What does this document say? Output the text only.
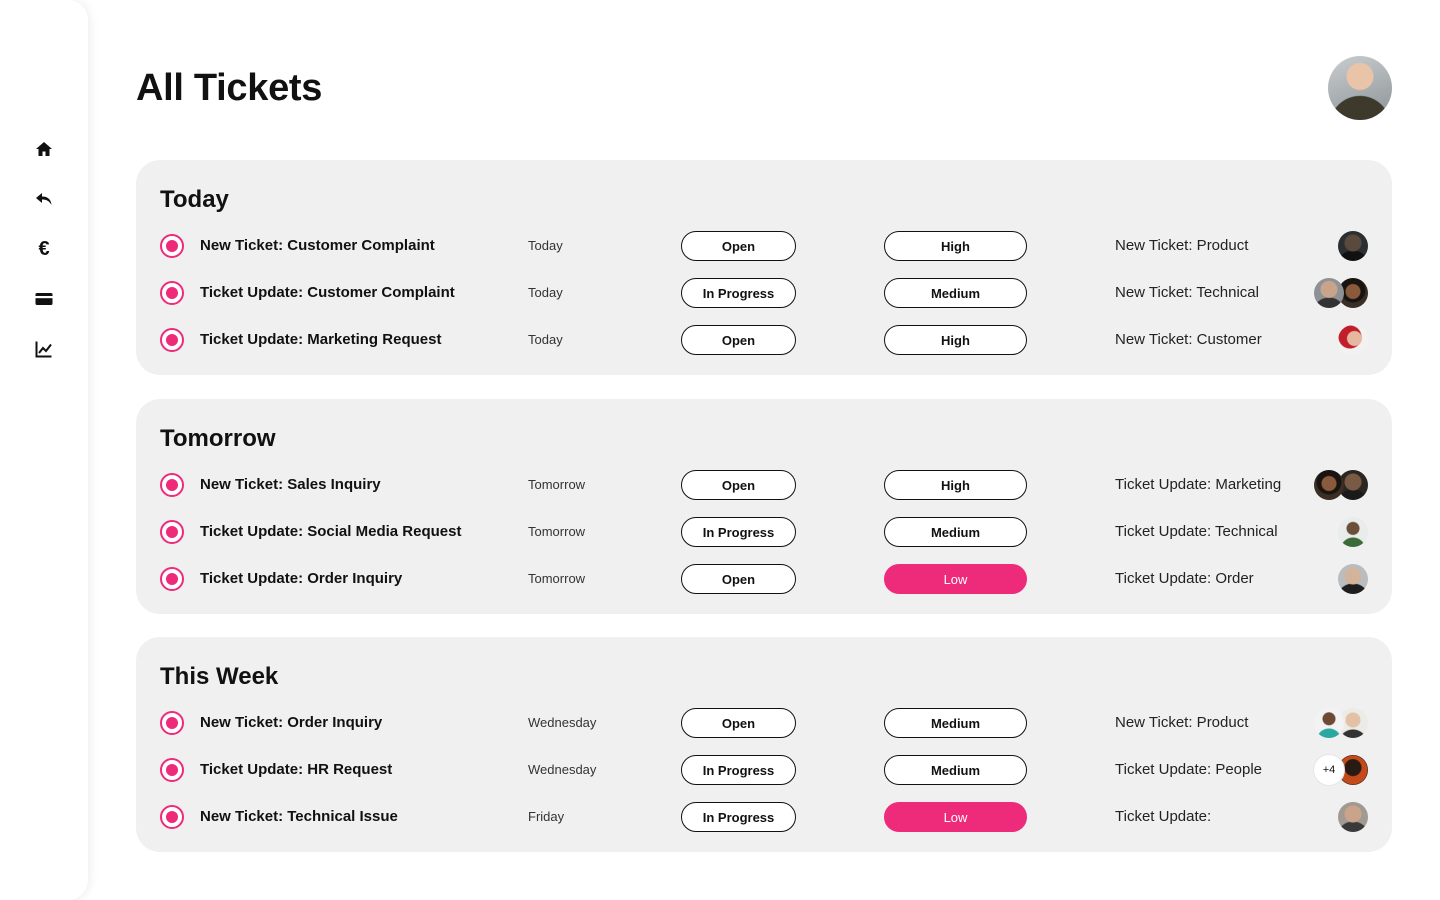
€
All Tickets
Today
New Ticket: Customer Complaint	Today	Open	High	New Ticket: Product
Ticket Update: Customer Complaint	Today	In Progress	Medium	New Ticket: Technical
Ticket Update: Marketing Request	Today	Open	High	New Ticket: Customer
Tomorrow
New Ticket: Sales Inquiry	Tomorrow	Open	High	Ticket Update: Marketing
Ticket Update: Social Media Request	Tomorrow	In Progress	Medium	Ticket Update: Technical
Ticket Update: Order Inquiry	Tomorrow	Open	Low	Ticket Update: Order
This Week
New Ticket: Order Inquiry	Wednesday	Open	Medium	New Ticket: Product
Ticket Update: HR Request	Wednesday	In Progress	Medium	Ticket Update: People	+4
New Ticket: Technical Issue	Friday	In Progress	Low	Ticket Update:
